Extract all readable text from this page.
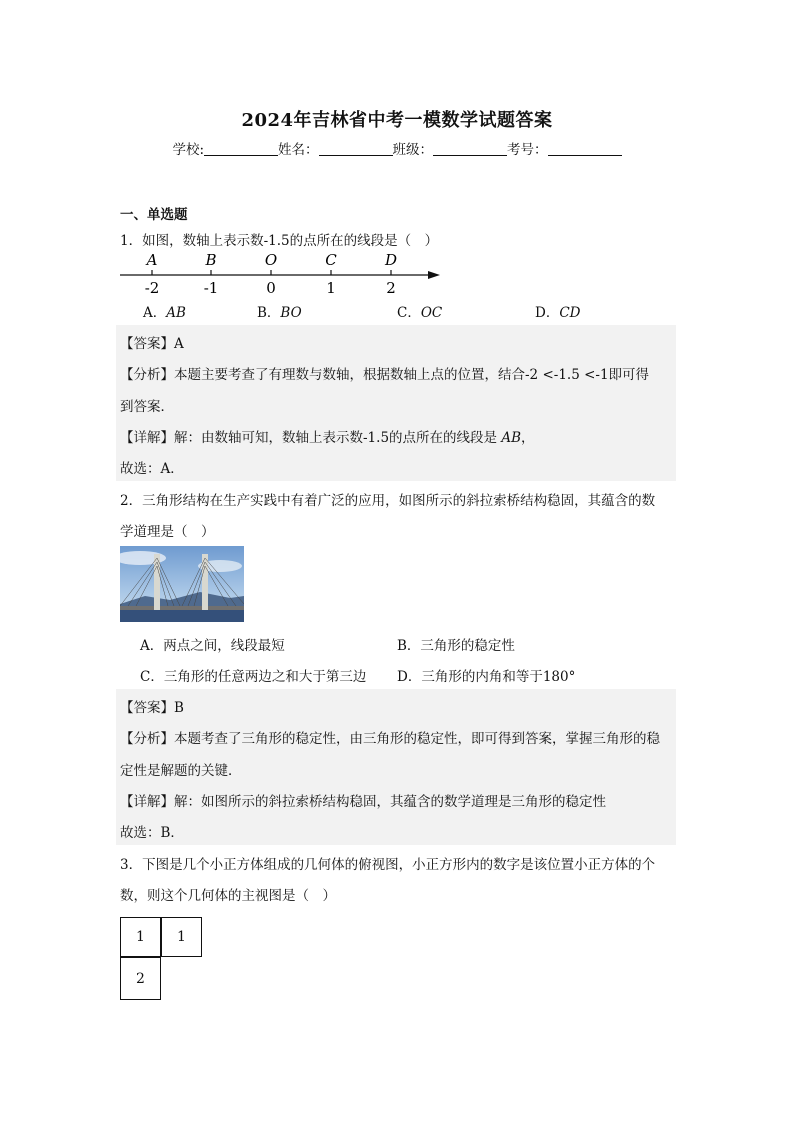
2024年吉林省中考一模数学试题答案
学校:	姓名：	班级：	考号：
一、单选题
1．如图，数轴上表示数-1.5的点所在的线段是（　）
A
-2
B
-1
O
0
C
1
D
2
A．AB	B．BO	C．OC	D．CD
【答案】A
【分析】本题主要考查了有理数与数轴，根据数轴上点的位置，结合-2 <-1.5 <-1即可得
到答案．
【详解】解：由数轴可知，数轴上表示数-1.5的点所在的线段是 AB，
故选：A．
2．三角形结构在生产实践中有着广泛的应用，如图所示的斜拉索桥结构稳固，其蕴含的数
学道理是（　）
A．两点之间，线段最短	B．三角形的稳定性
C．三角形的任意两边之和大于第三边 D．三角形的内角和等于180°
【答案】B
【分析】本题考查了三角形的稳定性，由三角形的稳定性，即可得到答案，掌握三角形的稳
定性是解题的关键．
【详解】解：如图所示的斜拉索桥结构稳固，其蕴含的数学道理是三角形的稳定性
故选：B．
3．下图是几个小正方体组成的几何体的俯视图，小正方形内的数字是该位置小正方体的个
数，则这个几何体的主视图是（　）
1	1
2
